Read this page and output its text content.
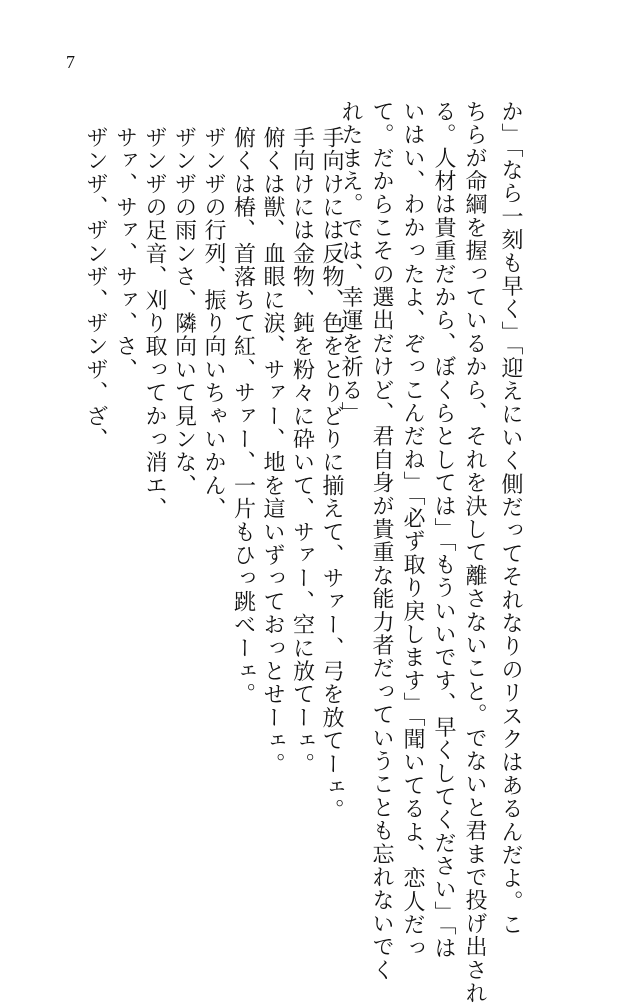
7
か」「なら一刻も早く」「迎えにいく側だってそれなりのリスクはあるんだよ。こ

ちらが命綱を握っているから、それを決して離さないこと。でないと君まで投げ出され

る。人材は貴重だから、ぼくらとしては」「もういいです、早くしてください」「は

いはい、わかったよ、ぞっこんだね」「必ず取り戻します」「聞いてるよ、恋人だっ

て。だからこその選出だけど、君自身が貴重な能力者だっていうことも忘れないでく

れたまえ。では、幸運を祈る」

手向けには反物、色をとりどりに揃えて、サァー、弓を放てーェ。

手向けには金物、鈍を粉々に砕いて、サァー、空に放てーェ。

俯くは獣、血眼に涙、サァー、地を這いずっておっとせーェ。

俯くは椿、首落ちて紅、サァー、一片もひっ跳べーェ。

ザンザの行列、振り向いちゃいかん、

ザンザの雨ンさ、隣向いて見ンな、

ザンザの足音、刈り取ってかっ消エ、

サァ、サァ、サァ、さ、

ザンザ、ザンザ、ザンザ、ざ、
